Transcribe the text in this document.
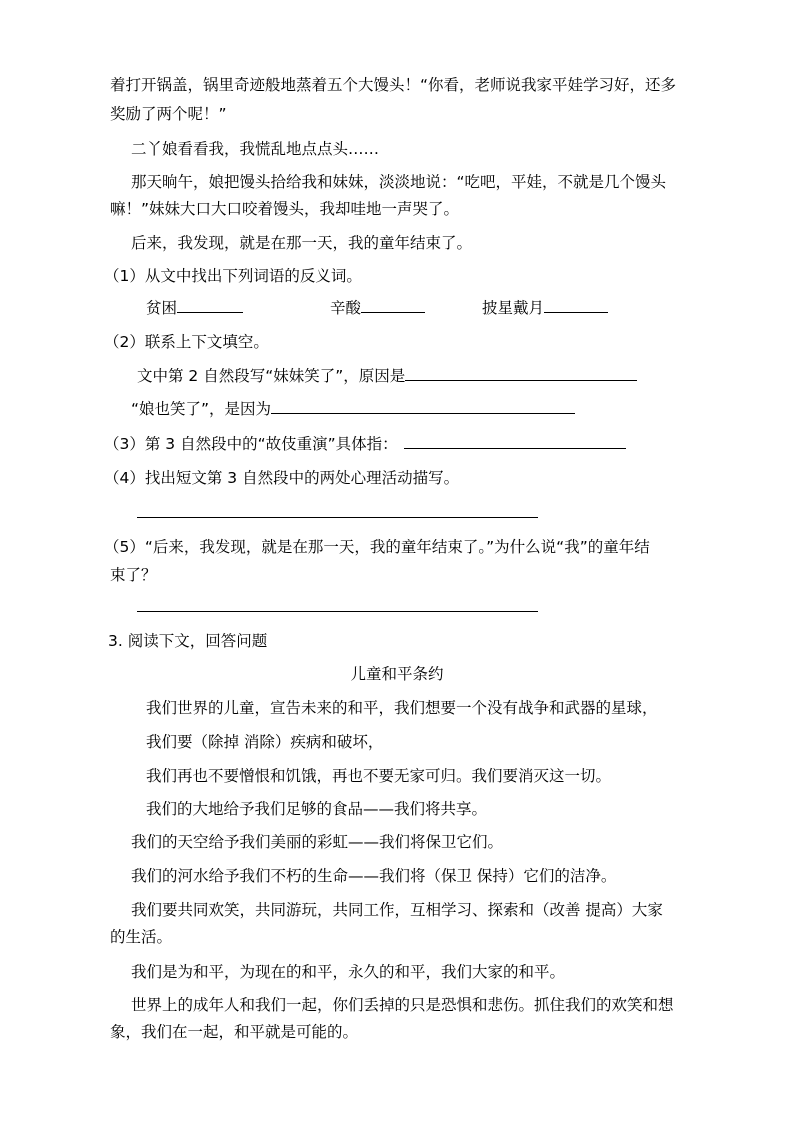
着打开锅盖，锅里奇迹般地蒸着五个大馒头！“你看，老师说我家平娃学习好，还多
奖励了两个呢！”
二丫娘看看我，我慌乱地点点头……
那天晌午，娘把馒头拾给我和妹妹，淡淡地说：“吃吧，平娃，不就是几个馒头
嘛！”妹妹大口大口咬着馒头，我却哇地一声哭了。
后来，我发现，就是在那一天，我的童年结束了。
（1）从文中找出下列词语的反义词。
贫困	辛酸	披星戴月
（2）联系上下文填空。
文中第 2 自然段写“妹妹笑了”，原因是
“娘也笑了”，是因为
（3）第 3 自然段中的“故伎重演”具体指：
（4）找出短文第 3 自然段中的两处心理活动描写。
（5）“后来，我发现，就是在那一天，我的童年结束了。”为什么说“我”的童年结
束了？
3. 阅读下文，回答问题
儿童和平条约
我们世界的儿童，宣告未来的和平，我们想要一个没有战争和武器的星球，
我们要（除掉 消除）疾病和破坏，
我们再也不要憎恨和饥饿，再也不要无家可归。我们要消灭这一切。
我们的大地给予我们足够的食品——我们将共享。
我们的天空给予我们美丽的彩虹——我们将保卫它们。
我们的河水给予我们不朽的生命——我们将（保卫 保持）它们的洁净。
我们要共同欢笑，共同游玩，共同工作，互相学习、探索和（改善 提高）大家
的生活。
我们是为和平，为现在的和平，永久的和平，我们大家的和平。
世界上的成年人和我们一起，你们丢掉的只是恐惧和悲伤。抓住我们的欢笑和想
象，我们在一起，和平就是可能的。
